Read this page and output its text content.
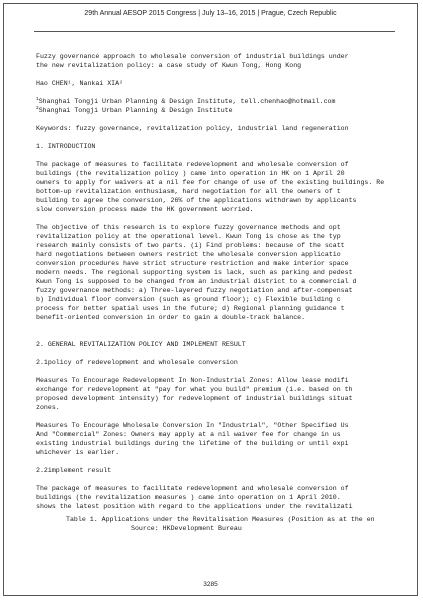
29th Annual AESOP 2015 Congress | July 13–16, 2015 | Prague, Czech Republic
Fuzzy governance approach to wholesale conversion of industrial buildings under
the new revitalization policy: a case study of Kwun Tong, Hong Kong
Hao CHEN¹, Nankai XIA²
$^1$Shanghai Tongji Urban Planning & Design Institute, tell.chenhao@hotmail.com
$^2$Shanghai Tongji Urban Planning & Design Institute
Keywords: fuzzy governance, revitalization policy, industrial land regeneration
1. INTRODUCTION
The package of measures to facilitate redevelopment and wholesale conversion of
buildings (the revitalization policy ) came into operation in HK on 1 April 20
owners to apply for waivers at a nil fee for change of use of the existing buildings. Re
bottom-up revitalization enthusiasm, hard negotiation for all the owners of t
building to agree the conversion, 26% of the applications withdrawn by applicants
slow conversion process made the HK government worried.
The objective of this research is to explore fuzzy governance methods and opt
revitalization policy at the operational level. Kwun Tong is chose as the typ
research mainly consists of two parts. (i) Find problems: because of the scatt
hard negotiations between owners restrict the wholesale conversion applicatio
conversion procedures have strict structure restriction and make interior space
modern needs. The regional supporting system is lack, such as parking and pedest
Kwun Tong is supposed to be changed from an industrial district to a commercial d
fuzzy governance methods: a) Three-layered fuzzy negotiation and after-compensat
b) Individual floor conversion (such as ground floor); c) Flexible building c
process for better spatial uses in the future; d) Regional planning guidance t
benefit-oriented conversion in order to gain a double-track balance.
2. GENERAL REVITALIZATION POLICY AND IMPLEMENT RESULT
2.1policy of redevelopment and wholesale conversion
Measures To Encourage Redevelopment In Non-Industrial Zones: Allow lease modifi
exchange for redevelopment at "pay for what you build" premium (i.e. based on th
proposed development intensity) for redevelopment of industrial buildings situat
zones.
Measures To Encourage Wholesale Conversion In "Industrial", "Other Specified Us
And "Commercial" Zones: Owners may apply at a nil waiver fee for change in us
existing industrial buildings during the lifetime of the building or until expi
whichever is earlier.
2.2implement result
The package of measures to facilitate redevelopment and wholesale conversion of
buildings (the revitalization measures ) came into operation on 1 April 2010.
shows the latest position with regard to the applications under the revitalizati
Table 1. Applications under the Revitalisation Measures (Position as at the en
Source: HKDevelopment Bureau
3285
